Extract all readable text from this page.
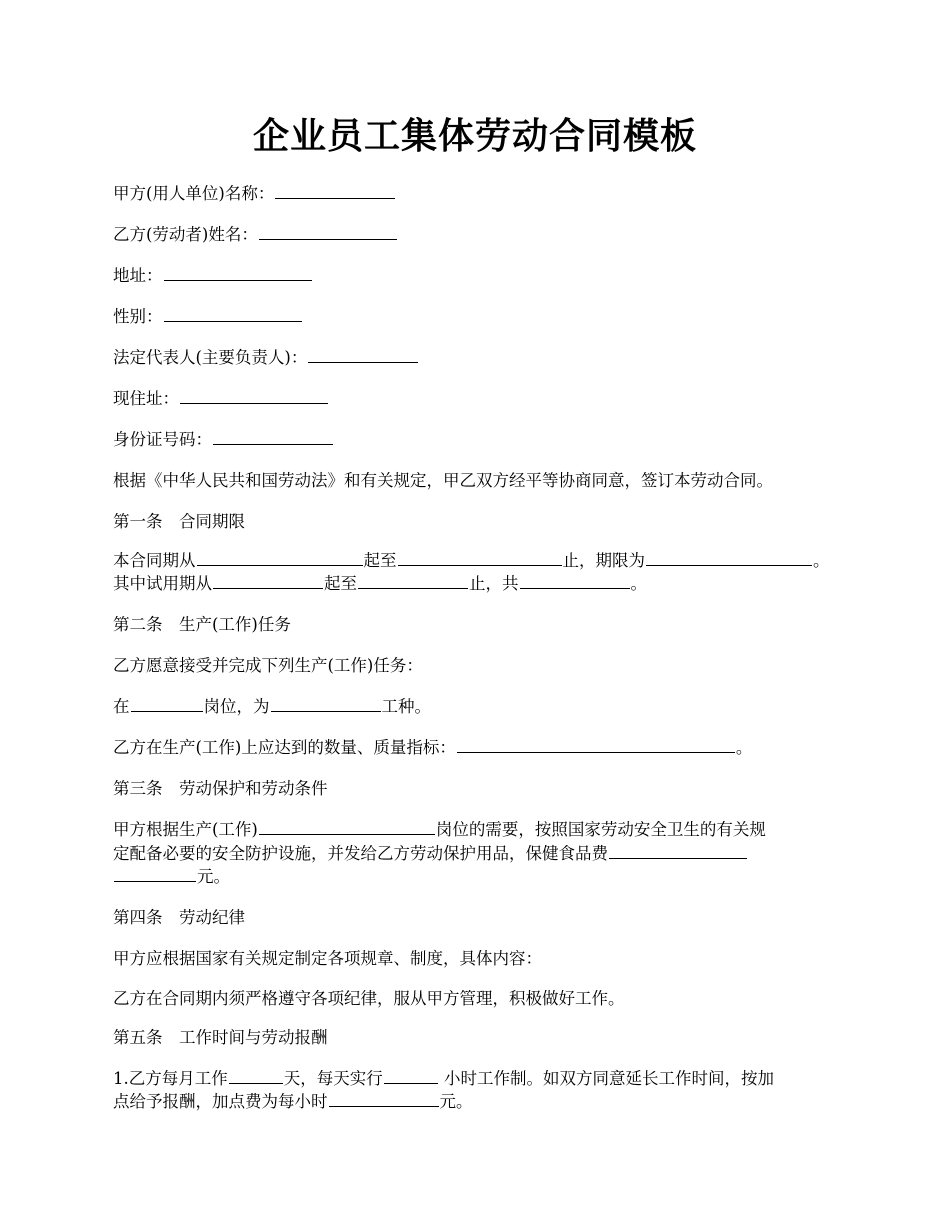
企业员工集体劳动合同模板

甲方(用人单位)名称：

乙方(劳动者)姓名：

地址：

性别：

法定代表人(主要负责人)：

现住址：

身份证号码：

根据《中华人民共和国劳动法》和有关规定，甲乙双方经平等协商同意，签订本劳动合同。

第一条　合同期限

本合同期从	起至	止，期限为	。

其中试用期从	起至	止，共	。

第二条　生产(工作)任务

乙方愿意接受并完成下列生产(工作)任务：

在	岗位，为	工种。

乙方在生产(工作)上应达到的数量、质量指标：	。

第三条　劳动保护和劳动条件

甲方根据生产(工作)	岗位的需要，按照国家劳动安全卫生的有关规

定配备必要的安全防护设施，并发给乙方劳动保护用品，保健食品费

元。

第四条　劳动纪律

甲方应根据国家有关规定制定各项规章、制度，具体内容：

乙方在合同期内须严格遵守各项纪律，服从甲方管理，积极做好工作。

第五条　工作时间与劳动报酬

1.乙方每月工作	天，每天实行	小时工作制。如双方同意延长工作时间，按加

点给予报酬，加点费为每小时	元。
